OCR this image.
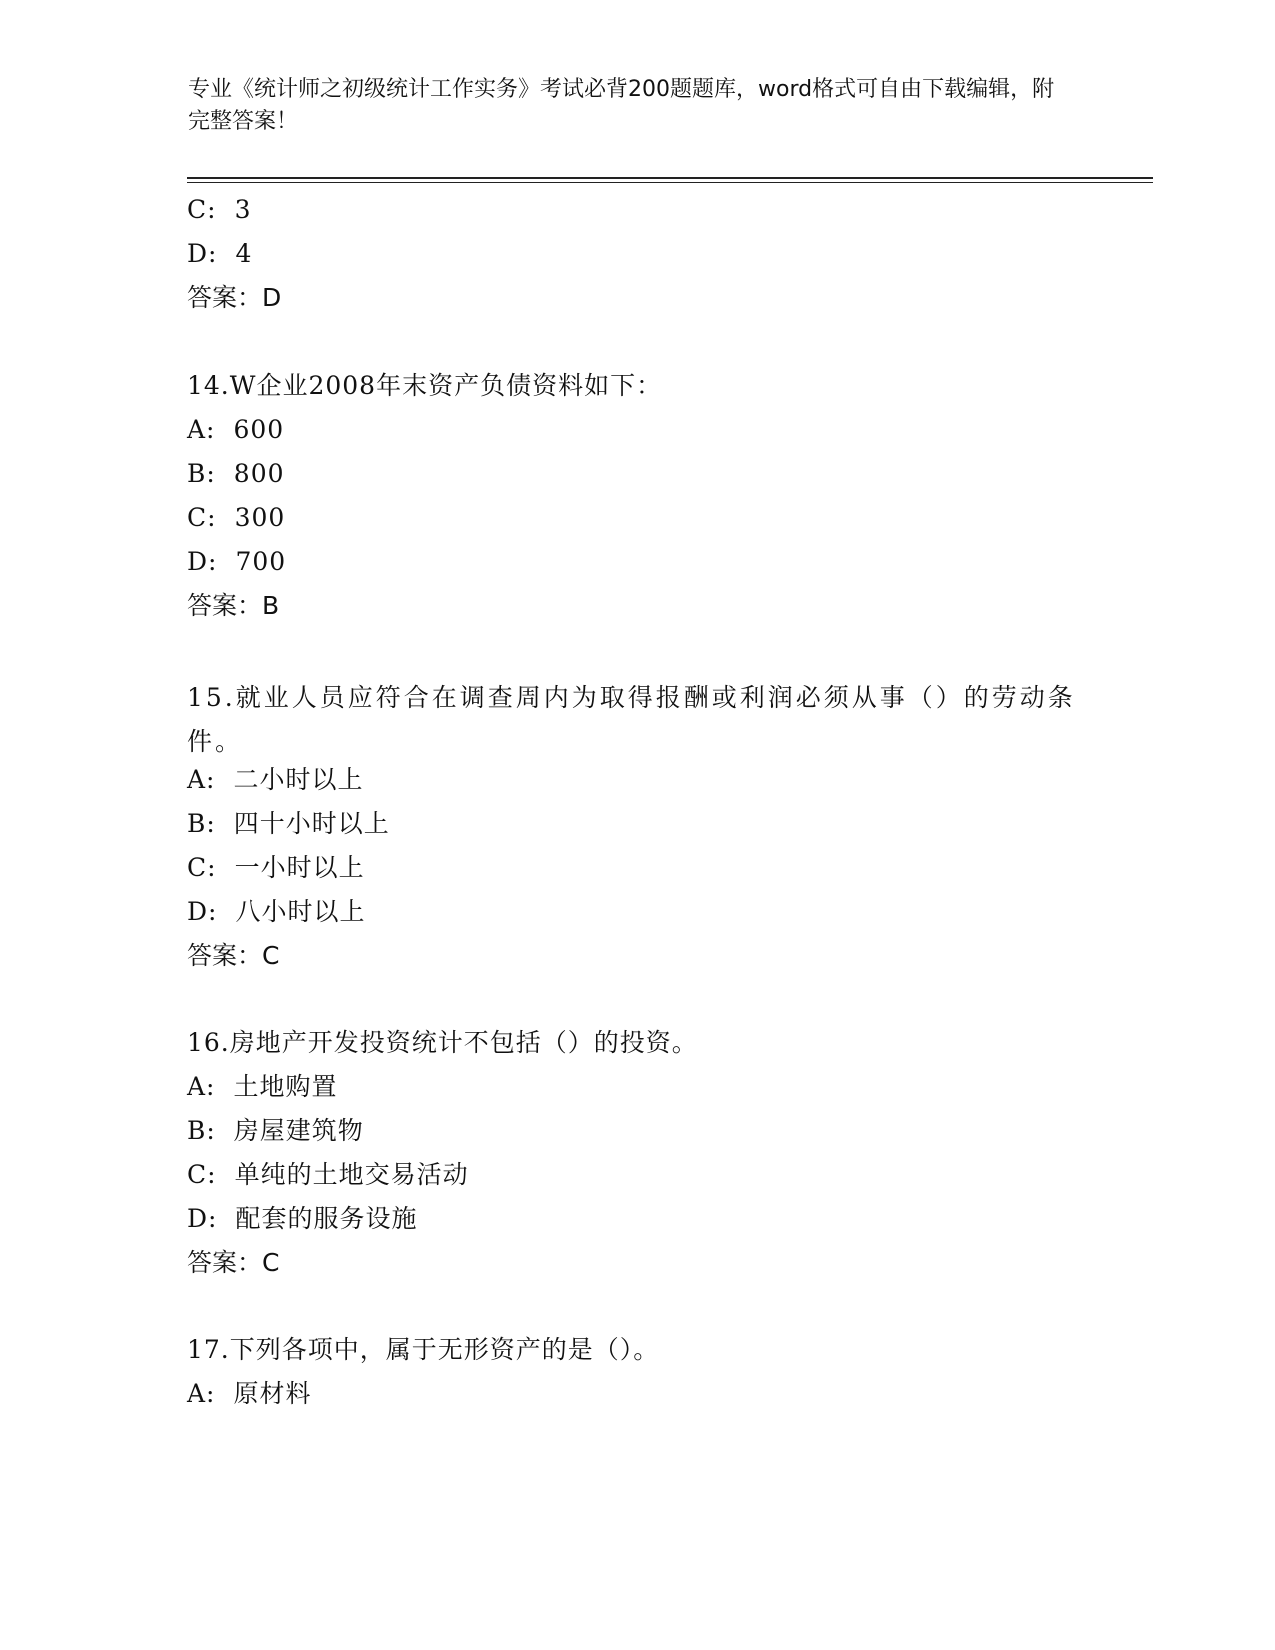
专业《统计师之初级统计工作实务》考试必背200题题库，word格式可自由下载编辑，附完整答案！
C: 3
D: 4
答案：D
14.W企业2008年末资产负债资料如下：
A: 600
B: 800
C: 300
D: 700
答案：B
15.就业人员应符合在调查周内为取得报酬或利润必须从事（）的劳动条件。
A: 二小时以上
B: 四十小时以上
C: 一小时以上
D: 八小时以上
答案：C
16.房地产开发投资统计不包括（）的投资。
A: 土地购置
B: 房屋建筑物
C: 单纯的土地交易活动
D: 配套的服务设施
答案：C
17.下列各项中，属于无形资产的是（）。
A: 原材料
